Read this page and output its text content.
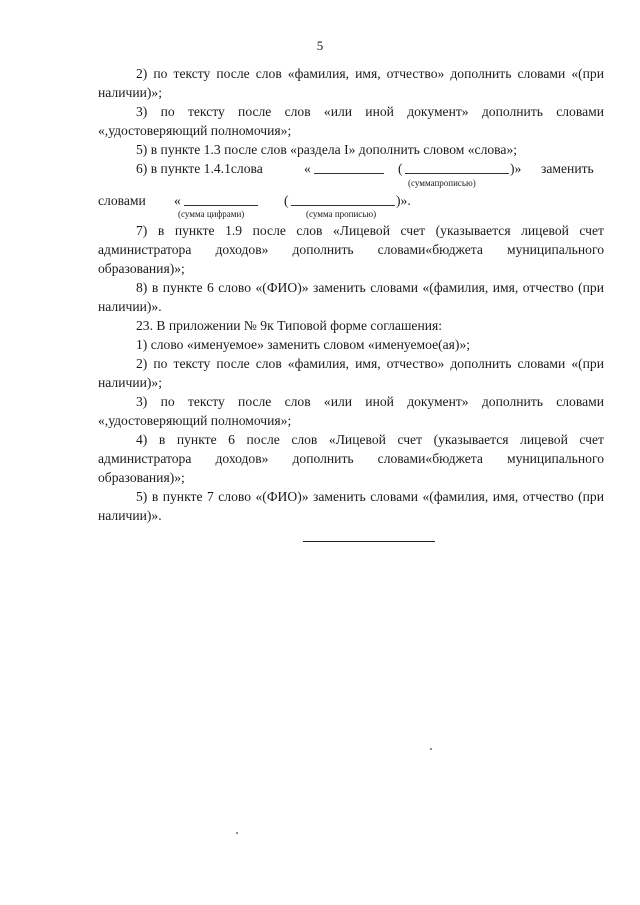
5

2) по тексту после слов «фамилия, имя, отчество» дополнить словами «(при наличии)»;

3) по тексту после слов «или иной документ» дополнить словами «,удостоверяющий полномочия»;

5) в пункте 1.3 после слов «раздела I» дополнить словом «слова»;

6) в пункте 1.4.1слова	«	(	)» заменить
(суммапрописью)
словами «	(	)».
(сумма цифрами)	(сумма прописью)

7) в пункте 1.9 после слов «Лицевой счет (указывается лицевой счет администратора доходов» дополнить словами«бюджета муниципального образования)»;

8) в пункте 6 слово «(ФИО)» заменить словами «(фамилия, имя, отчество (при наличии)».

23. В приложении № 9к Типовой форме соглашения:

1) слово «именуемое» заменить словом «именуемое(ая)»;

2) по тексту после слов «фамилия, имя, отчество» дополнить словами «(при наличии)»;

3) по тексту после слов «или иной документ» дополнить словами «,удостоверяющий полномочия»;

4) в пункте 6 после слов «Лицевой счет (указывается лицевой счет администратора доходов» дополнить словами«бюджета муниципального образования)»;

5) в пункте 7 слово «(ФИО)» заменить словами «(фамилия, имя, отчество (при наличии)».
